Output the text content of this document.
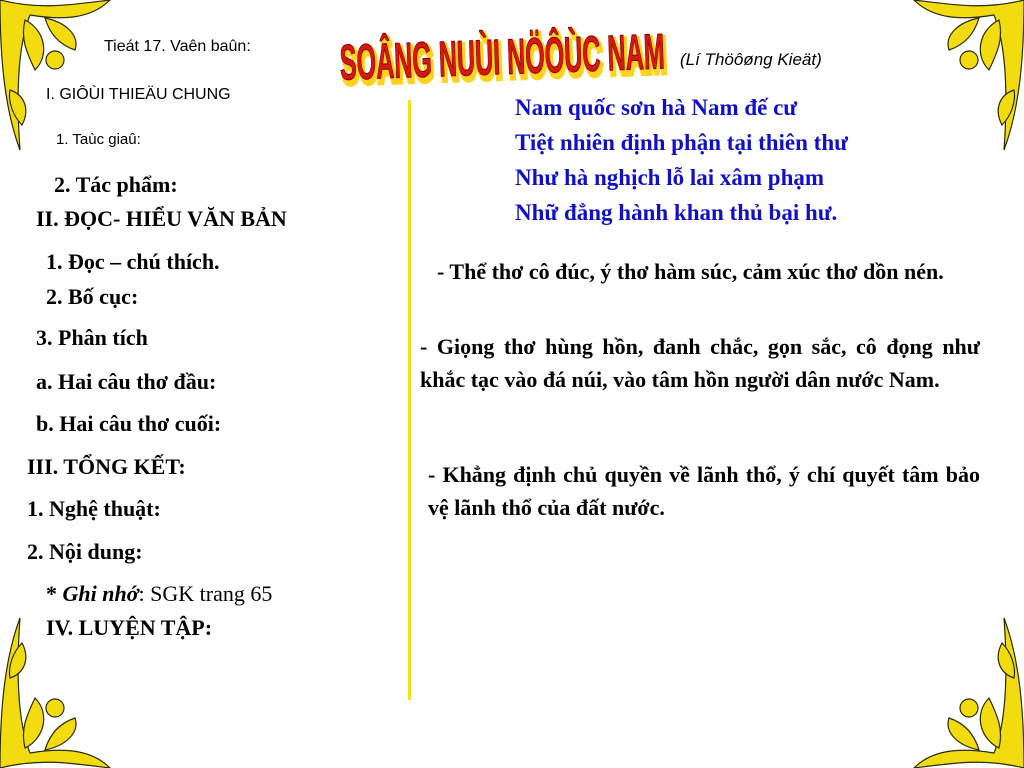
Tieát 17. Vaên baûn: SOÂNG NUÙI
SOÂNG NUÙI NÖÔÙC
(Lí Thöôøng Kieät)
I. GIÔÙI THIEÄU CHUNG
1. Taùc giaû:
2. Tác phẩm:
II. ĐỌC- HIỂU VĂN BẢN
1. Đọc – chú thích.
2. Bố cục:
3. Phân tích
a. Hai câu thơ đầu:
b. Hai câu thơ cuối:
III. TỔNG KẾT:
1. Nghệ thuật:
2. Nội dung:
* Ghi nhớ: SGK trang 65
IV. LUYỆN TẬP:
Nam quốc sơn hà Nam đế cư
Tiệt nhiên định phận tại thiên thư
Như hà nghịch lỗ lai xâm phạm
Nhữ đẳng hành khan thủ bại hư.
- Thể thơ cô đúc, ý thơ hàm súc, cảm xúc thơ dồn nén.
- Giọng thơ hùng hồn, đanh chắc, gọn sắc, cô đọng như khắc tạc vào đá núi, vào tâm hồn người dân nước Nam.
- Khẳng định chủ quyền về lãnh thổ, ý chí quyết tâm bảo vệ lãnh thổ của đất nước.
